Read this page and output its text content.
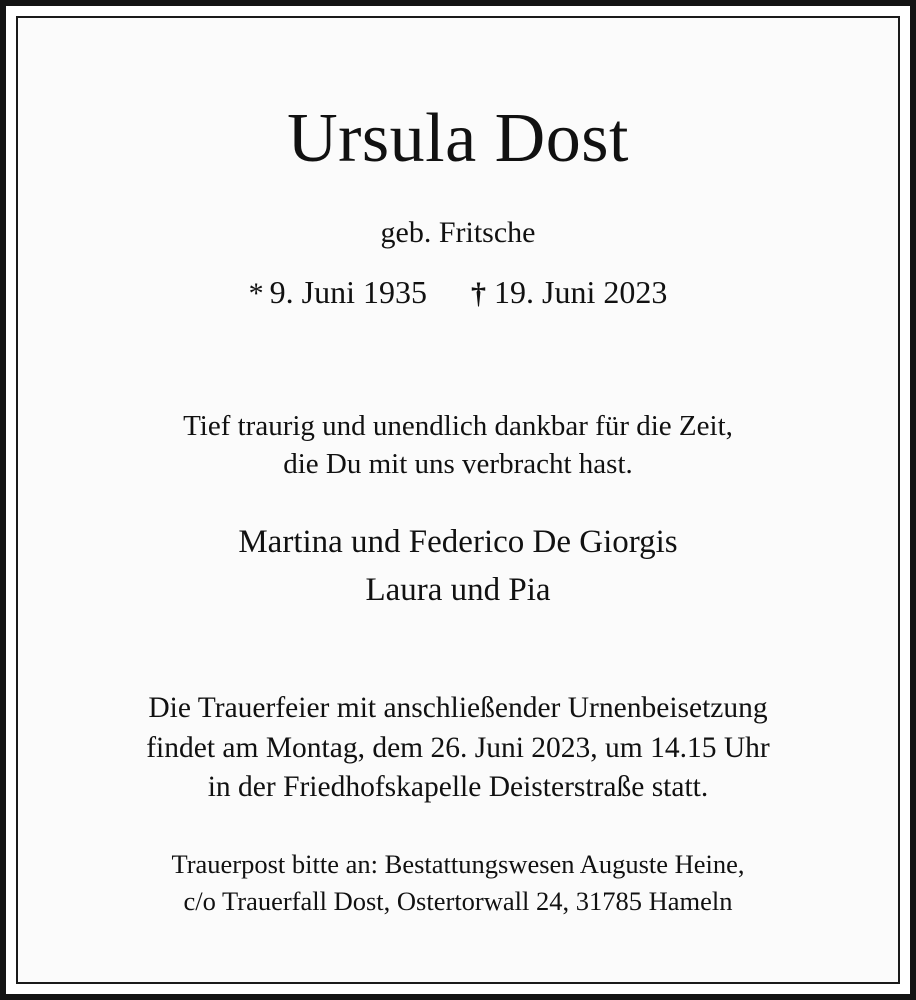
Ursula Dost
geb. Fritsche
* 9. Juni 1935 † 19. Juni 2023
Tief traurig und unendlich dankbar für die Zeit,
die Du mit uns verbracht hast.
Martina und Federico De Giorgis
Laura und Pia
Die Trauerfeier mit anschließender Urnenbeisetzung
findet am Montag, dem 26. Juni 2023, um 14.15 Uhr
in der Friedhofskapelle Deisterstraße statt.
Trauerpost bitte an: Bestattungswesen Auguste Heine,
c/o Trauerfall Dost, Ostertorwall 24, 31785 Hameln
